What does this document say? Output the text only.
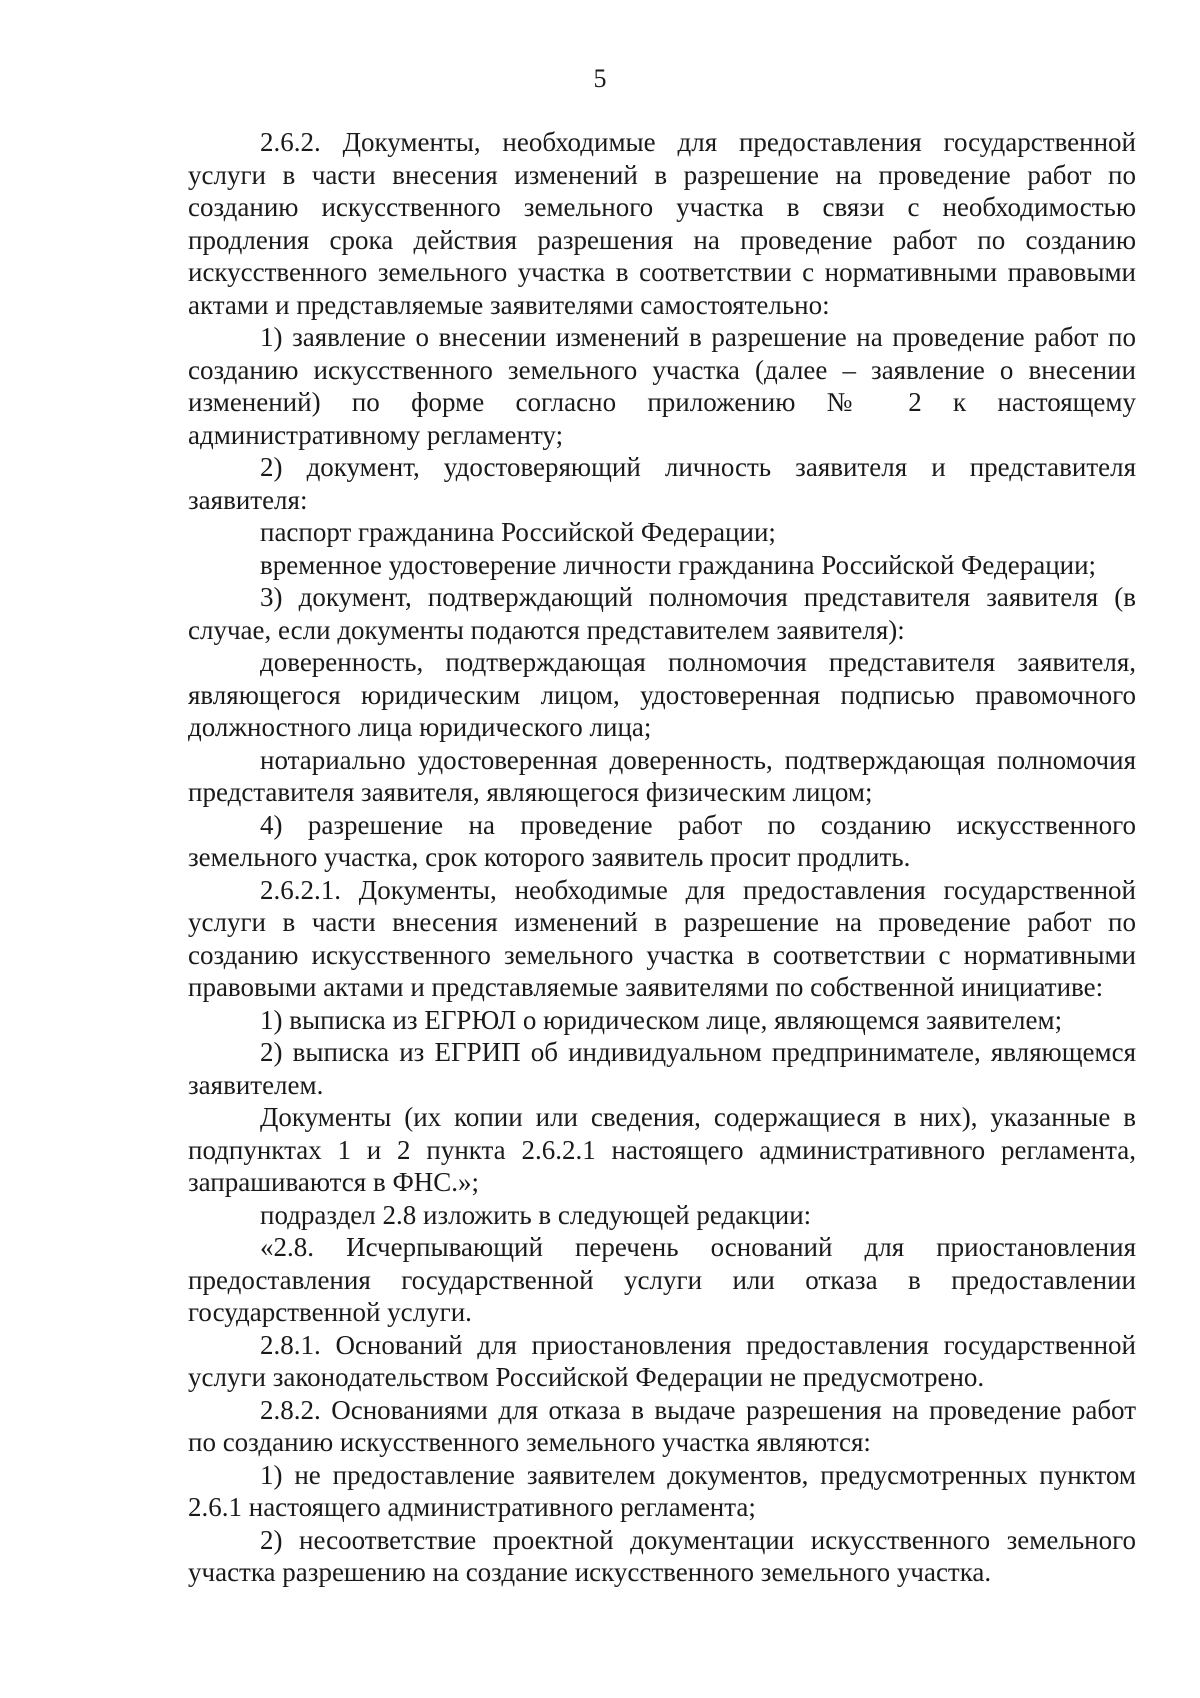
5

2.6.2. Документы, необходимые для предоставления государственной услуги в части внесения изменений в разрешение на проведение работ по созданию искусственного земельного участка в связи с необходимостью продления срока действия разрешения на проведение работ по созданию искусственного земельного участка в соответствии с нормативными правовыми актами и представляемые заявителями самостоятельно:

1) заявление о внесении изменений в разрешение на проведение работ по созданию искусственного земельного участка (далее – заявление о внесении изменений) по форме согласно приложению № 2 к настоящему административному регламенту;

2) документ, удостоверяющий личность заявителя и представителя заявителя:

паспорт гражданина Российской Федерации;

временное удостоверение личности гражданина Российской Федерации;

3) документ, подтверждающий полномочия представителя заявителя (в случае, если документы подаются представителем заявителя):

доверенность, подтверждающая полномочия представителя заявителя, являющегося юридическим лицом, удостоверенная подписью правомочного должностного лица юридического лица;

нотариально удостоверенная доверенность, подтверждающая полномочия представителя заявителя, являющегося физическим лицом;

4) разрешение на проведение работ по созданию искусственного земельного участка, срок которого заявитель просит продлить.

2.6.2.1. Документы, необходимые для предоставления государственной услуги в части внесения изменений в разрешение на проведение работ по созданию искусственного земельного участка в соответствии с нормативными правовыми актами и представляемые заявителями по собственной инициативе:

1) выписка из ЕГРЮЛ о юридическом лице, являющемся заявителем;

2) выписка из ЕГРИП об индивидуальном предпринимателе, являющемся заявителем.

Документы (их копии или сведения, содержащиеся в них), указанные в подпунктах 1 и 2 пункта 2.6.2.1 настоящего административного регламента, запрашиваются в ФНС.»;

подраздел 2.8 изложить в следующей редакции:

«2.8. Исчерпывающий перечень оснований для приостановления предоставления государственной услуги или отказа в предоставлении государственной услуги.

2.8.1. Оснований для приостановления предоставления государственной услуги законодательством Российской Федерации не предусмотрено.

2.8.2. Основаниями для отказа в выдаче разрешения на проведение работ по созданию искусственного земельного участка являются:

1) не предоставление заявителем документов, предусмотренных пунктом 2.6.1 настоящего административного регламента;

2) несоответствие проектной документации искусственного земельного участка разрешению на создание искусственного земельного участка.
